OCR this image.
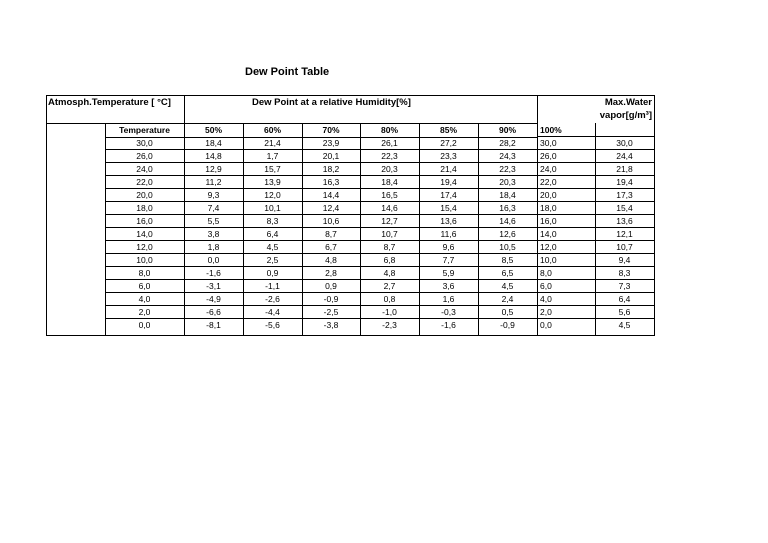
Dew Point Table
Atmosph.Temperature [ °C]	Dew Point at a relative Humidity[%]	Max.Water
vapor[g/m³]
Temperature	50%	60%	70%	80%	85%	90%	100%
30,0	18,4	21,4	23,9	26,1	27,2	28,2	30,0	30,0
26,0	14,8	1,7	20,1	22,3	23,3	24,3	26,0	24,4
24,0	12,9	15,7	18,2	20,3	21,4	22,3	24,0	21,8
22,0	11,2	13,9	16,3	18,4	19,4	20,3	22,0	19,4
20,0	9,3	12,0	14,4	16,5	17,4	18,4	20,0	17,3
18,0	7,4	10,1	12,4	14,6	15,4	16,3	18,0	15,4
16,0	5,5	8,3	10,6	12,7	13,6	14,6	16,0	13,6
14,0	3,8	6,4	8,7	10,7	11,6	12,6	14,0	12,1
12,0	1,8	4,5	6,7	8,7	9,6	10,5	12,0	10,7
10,0	0,0	2,5	4,8	6,8	7,7	8,5	10,0	9,4
8,0	-1,6	0,9	2,8	4,8	5,9	6,5	8,0	8,3
6,0	-3,1	-1,1	0,9	2,7	3,6	4,5	6,0	7,3
4,0	-4,9	-2,6	-0,9	0,8	1,6	2,4	4,0	6,4
2,0	-6,6	-4,4	-2,5	-1,0	-0,3	0,5	2,0	5,6
0,0	-8,1	-5,6	-3,8	-2,3	-1,6	-0,9	0,0	4,5
